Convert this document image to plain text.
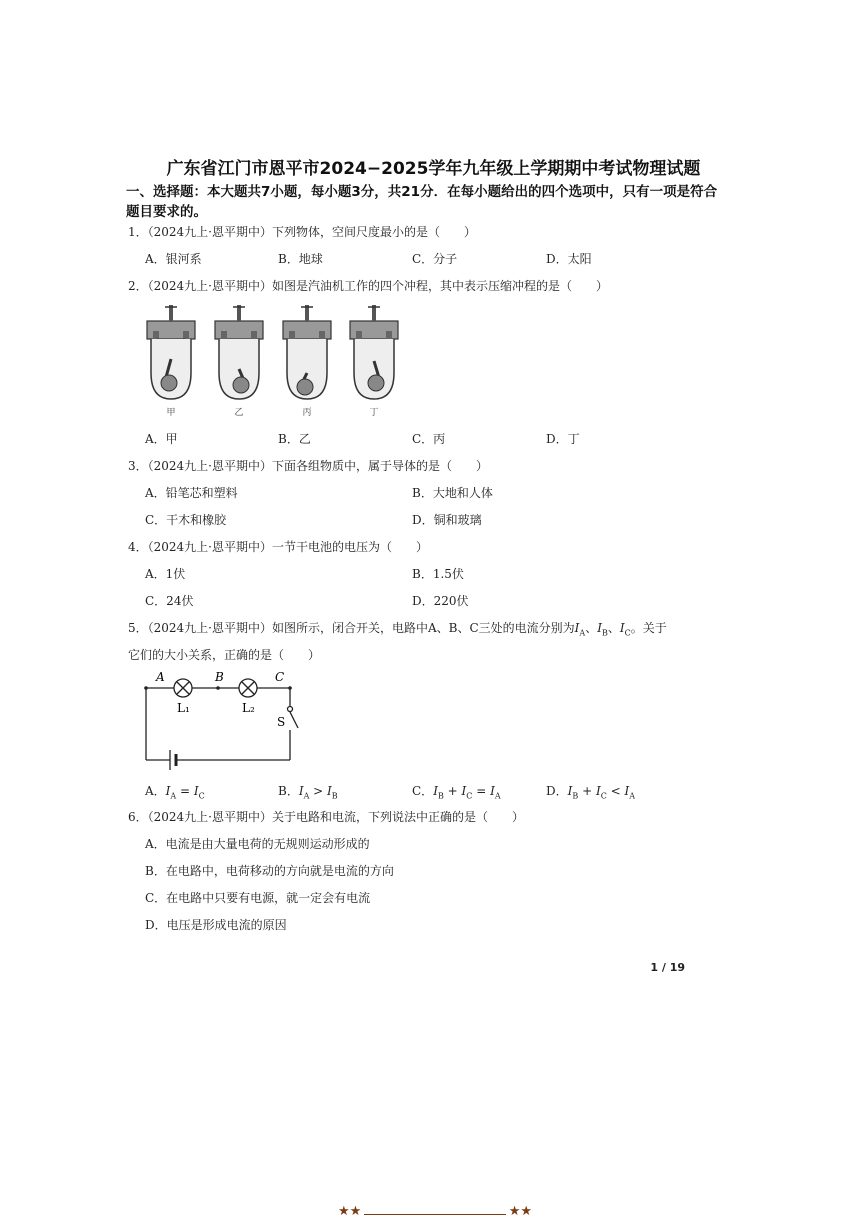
广东省江门市恩平市2024−2025学年九年级上学期期中考试物理试题
一、选择题：本大题共7小题，每小题3分，共21分．在每小题给出的四个选项中，只有一项是符合题目要求的。
1．（2024九上·恩平期中）下列物体，空间尺度最小的是（　　）
A．银河系	B．地球	C．分子	D．太阳
2．（2024九上·恩平期中）如图是汽油机工作的四个冲程，其中表示压缩冲程的是（　　）
甲	乙	丙	丁
A．甲	B．乙	C．丙	D．丁
3．（2024九上·恩平期中）下面各组物质中，属于导体的是（　　）
A．铅笔芯和塑料	B．大地和人体
C．干木和橡胶	D．铜和玻璃
4．（2024九上·恩平期中）一节干电池的电压为（　　）
A．1伏	B．1.5伏
C．24伏	D．220伏
5．（2024九上·恩平期中）如图所示，闭合开关，电路中A、B、C三处的电流分别为$I_A$、$I_B$、$I_C$。关于
它们的大小关系，正确的是（　　）
A	B	C
L₁	L₂
S
A．$I_A = I_C$	B．$I_A > I_B$	C．$I_B + I_C = I_A$	D．$I_B + I_C < I_A$
6．（2024九上·恩平期中）关于电路和电流，下列说法中正确的是（　　）
A．电流是由大量电荷的无规则运动形成的
B．在电路中，电荷移动的方向就是电流的方向
C．在电路中只要有电源，就一定会有电流
D．电压是形成电流的原因
1 / 19
★★	★★
